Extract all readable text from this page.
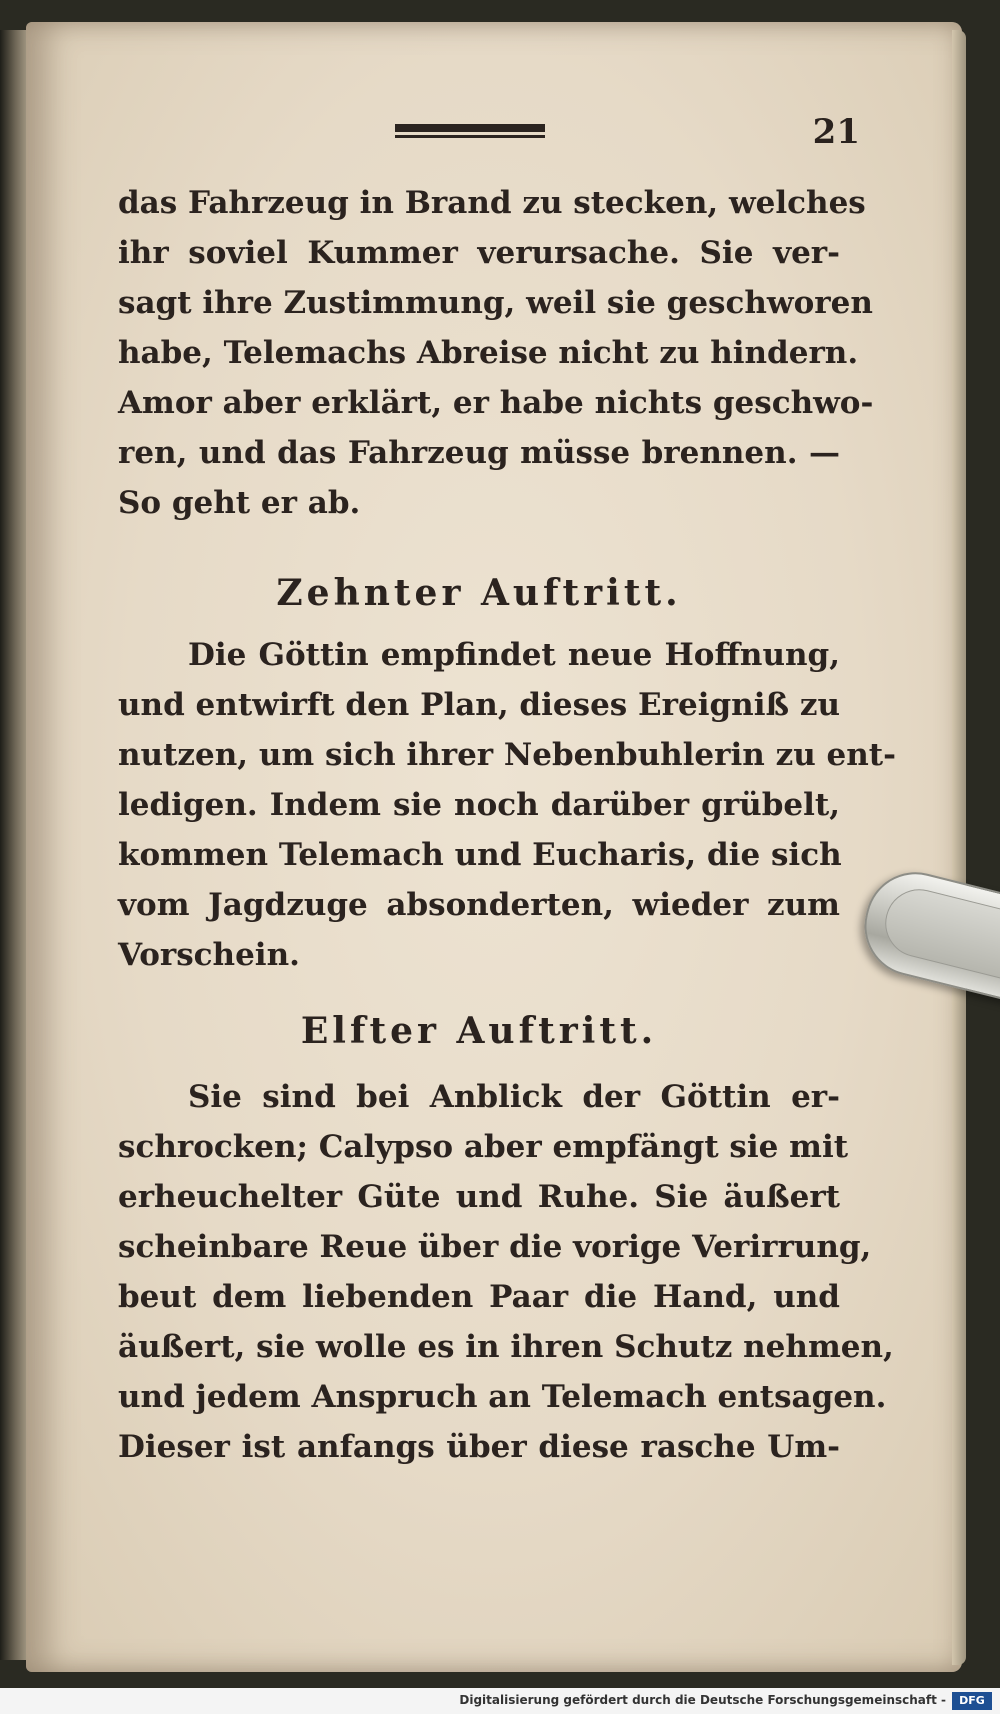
21
das Fahrzeug in Brand zu stecken, welches
ihr soviel Kummer verursache. Sie ver-
sagt ihre Zustimmung, weil sie geschworen
habe, Telemachs Abreise nicht zu hindern.
Amor aber erklärt, er habe nichts geschwo-
ren, und das Fahrzeug müsse brennen. —
So geht er ab.
Zehnter Auftritt.
Die Göttin empfindet neue Hoffnung,
und entwirft den Plan, dieses Ereigniß zu
nutzen, um sich ihrer Nebenbuhlerin zu ent-
ledigen. Indem sie noch darüber grübelt,
kommen Telemach und Eucharis, die sich
vom Jagdzuge absonderten, wieder zum
Vorschein.
Elfter Auftritt.
Sie sind bei Anblick der Göttin er-
schrocken; Calypso aber empfängt sie mit
erheuchelter Güte und Ruhe. Sie äußert
scheinbare Reue über die vorige Verirrung,
beut dem liebenden Paar die Hand, und
äußert, sie wolle es in ihren Schutz nehmen,
und jedem Anspruch an Telemach entsagen.
Dieser ist anfangs über diese rasche Um-
Digitalisierung gefördert durch die Deutsche Forschungsgemeinschaft -	DFG
